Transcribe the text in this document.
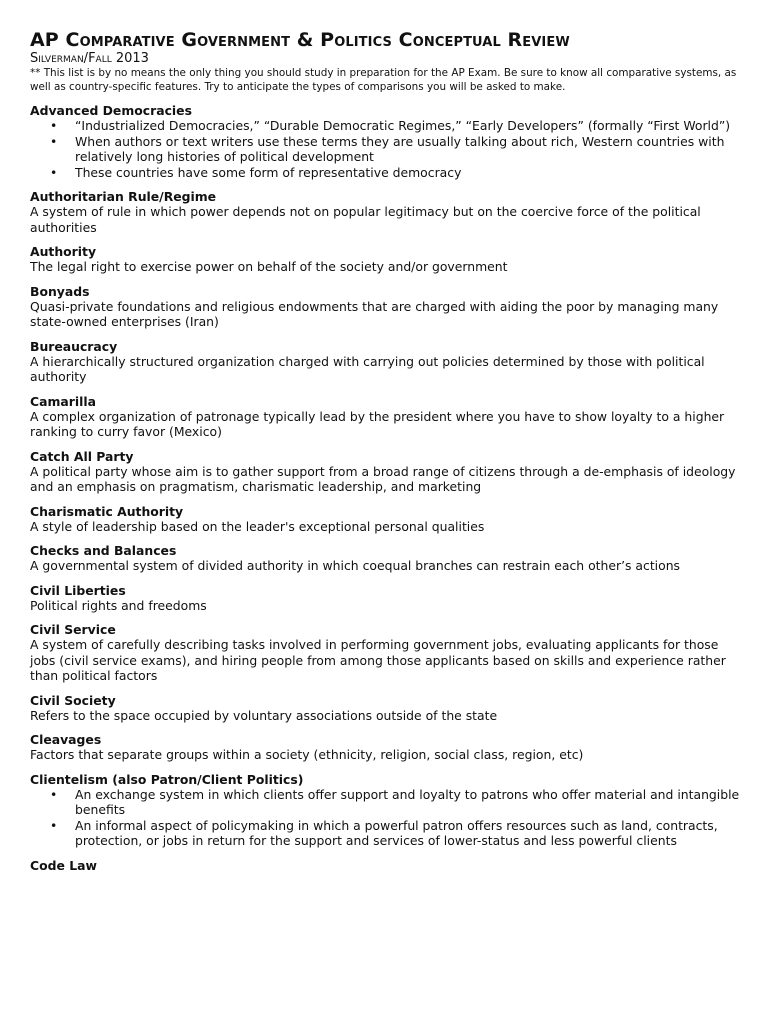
AP Comparative Government & Politics Conceptual Review

Silverman/Fall 2013

** This list is by no means the only thing you should study in preparation for the AP Exam. Be sure to know all comparative systems, as well as country-specific features. Try to anticipate the types of comparisons you will be asked to make.

Advanced Democracies

• “Industrialized Democracies,” “Durable Democratic Regimes,” “Early Developers” (formally “First World”)
• When authors or text writers use these terms they are usually talking about rich, Western countries with relatively long histories of political development
• These countries have some form of representative democracy

Authoritarian Rule/Regime

A system of rule in which power depends not on popular legitimacy but on the coercive force of the political authorities

Authority

The legal right to exercise power on behalf of the society and/or government

Bonyads

Quasi-private foundations and religious endowments that are charged with aiding the poor by managing many state-owned enterprises (Iran)

Bureaucracy

A hierarchically structured organization charged with carrying out policies determined by those with political authority

Camarilla

A complex organization of patronage typically lead by the president where you have to show loyalty to a higher ranking to curry favor (Mexico)

Catch All Party

A political party whose aim is to gather support from a broad range of citizens through a de-emphasis of ideology and an emphasis on pragmatism, charismatic leadership, and marketing

Charismatic Authority

A style of leadership based on the leader's exceptional personal qualities

Checks and Balances

A governmental system of divided authority in which coequal branches can restrain each other’s actions

Civil Liberties

Political rights and freedoms

Civil Service

A system of carefully describing tasks involved in performing government jobs, evaluating applicants for those jobs (civil service exams), and hiring people from among those applicants based on skills and experience rather than political factors

Civil Society

Refers to the space occupied by voluntary associations outside of the state

Cleavages

Factors that separate groups within a society (ethnicity, religion, social class, region, etc)

Clientelism (also Patron/Client Politics)

• An exchange system in which clients offer support and loyalty to patrons who offer material and intangible benefits
• An informal aspect of policymaking in which a powerful patron offers resources such as land, contracts, protection, or jobs in return for the support and services of lower-status and less powerful clients

Code Law
